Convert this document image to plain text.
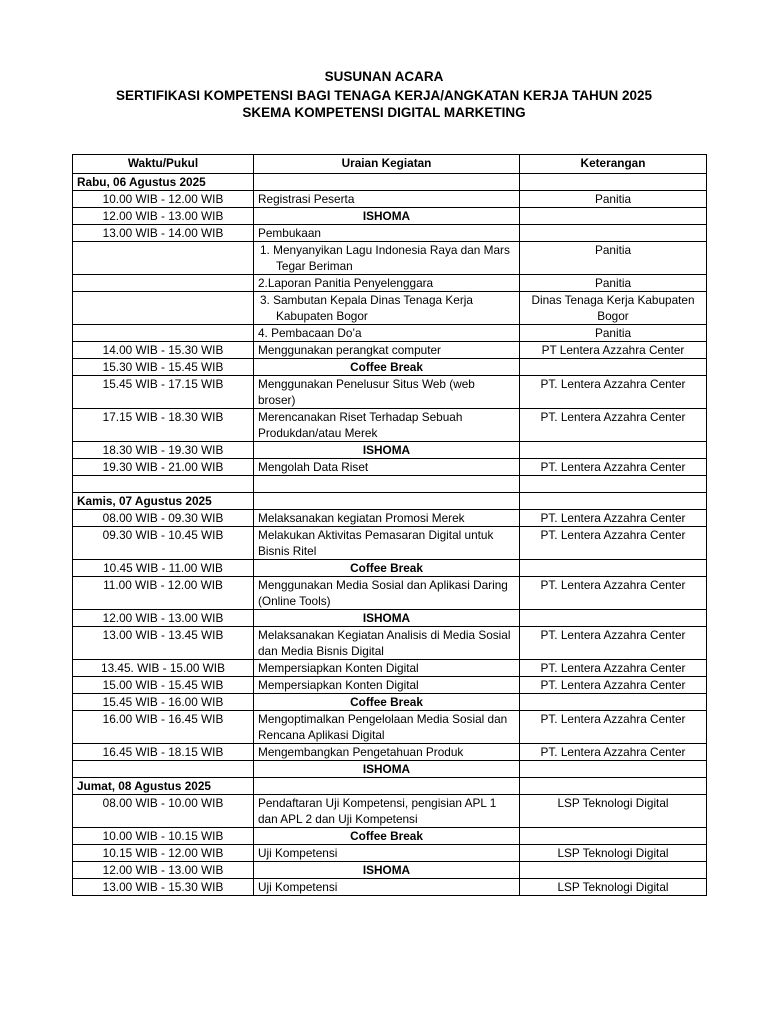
SUSUNAN ACARA
SERTIFIKASI KOMPETENSI BAGI TENAGA KERJA/ANGKATAN KERJA TAHUN 2025
SKEMA KOMPETENSI DIGITAL MARKETING
Waktu/Pukul	Uraian Kegiatan	Keterangan
Rabu, 06 Agustus 2025		
10.00 WIB - 12.00 WIB	Registrasi Peserta	Panitia
12.00 WIB - 13.00 WIB	ISHOMA	
13.00 WIB - 14.00 WIB	Pembukaan	
	1. Menyanyikan Lagu Indonesia Raya dan Mars Tegar Beriman	Panitia
	2.Laporan Panitia Penyelenggara	Panitia
	3. Sambutan Kepala Dinas Tenaga Kerja Kabupaten Bogor	Dinas Tenaga Kerja Kabupaten Bogor
	4. Pembacaan Do’a	Panitia
14.00 WIB - 15.30 WIB	Menggunakan perangkat computer	PT Lentera Azzahra Center
15.30 WIB - 15.45 WIB	Coffee Break	
15.45 WIB - 17.15 WIB	Menggunakan Penelusur Situs Web (web broser)	PT. Lentera Azzahra Center
17.15 WIB - 18.30 WIB	Merencanakan Riset Terhadap Sebuah Produkdan/atau Merek	PT. Lentera Azzahra Center
18.30 WIB - 19.30 WIB	ISHOMA	
19.30 WIB - 21.00 WIB	Mengolah Data Riset	PT. Lentera Azzahra Center

Kamis, 07 Agustus 2025		
08.00 WIB - 09.30 WIB	Melaksanakan kegiatan Promosi Merek	PT. Lentera Azzahra Center
09.30 WIB - 10.45 WIB	Melakukan Aktivitas Pemasaran Digital untuk Bisnis Ritel	PT. Lentera Azzahra Center
10.45 WIB - 11.00 WIB	Coffee Break	
11.00 WIB - 12.00 WIB	Menggunakan Media Sosial dan Aplikasi Daring (Online Tools)	PT. Lentera Azzahra Center
12.00 WIB - 13.00 WIB	ISHOMA	
13.00 WIB - 13.45 WIB	Melaksanakan Kegiatan Analisis di Media Sosial dan Media Bisnis Digital	PT. Lentera Azzahra Center
13.45. WIB - 15.00 WIB	Mempersiapkan Konten Digital	PT. Lentera Azzahra Center
15.00 WIB - 15.45 WIB	Mempersiapkan Konten Digital	PT. Lentera Azzahra Center
15.45 WIB - 16.00 WIB	Coffee Break	
16.00 WIB - 16.45 WIB	Mengoptimalkan Pengelolaan Media Sosial dan Rencana Aplikasi Digital	PT. Lentera Azzahra Center
16.45 WIB - 18.15 WIB	Mengembangkan Pengetahuan Produk	PT. Lentera Azzahra Center
	ISHOMA	
Jumat, 08 Agustus 2025		
08.00 WIB - 10.00 WIB	Pendaftaran Uji Kompetensi, pengisian APL 1 dan APL 2 dan Uji Kompetensi	LSP Teknologi Digital
10.00 WIB - 10.15 WIB	Coffee Break	
10.15 WIB - 12.00 WIB	Uji Kompetensi	LSP Teknologi Digital
12.00 WIB - 13.00 WIB	ISHOMA	
13.00 WIB - 15.30 WIB	Uji Kompetensi	LSP Teknologi Digital
